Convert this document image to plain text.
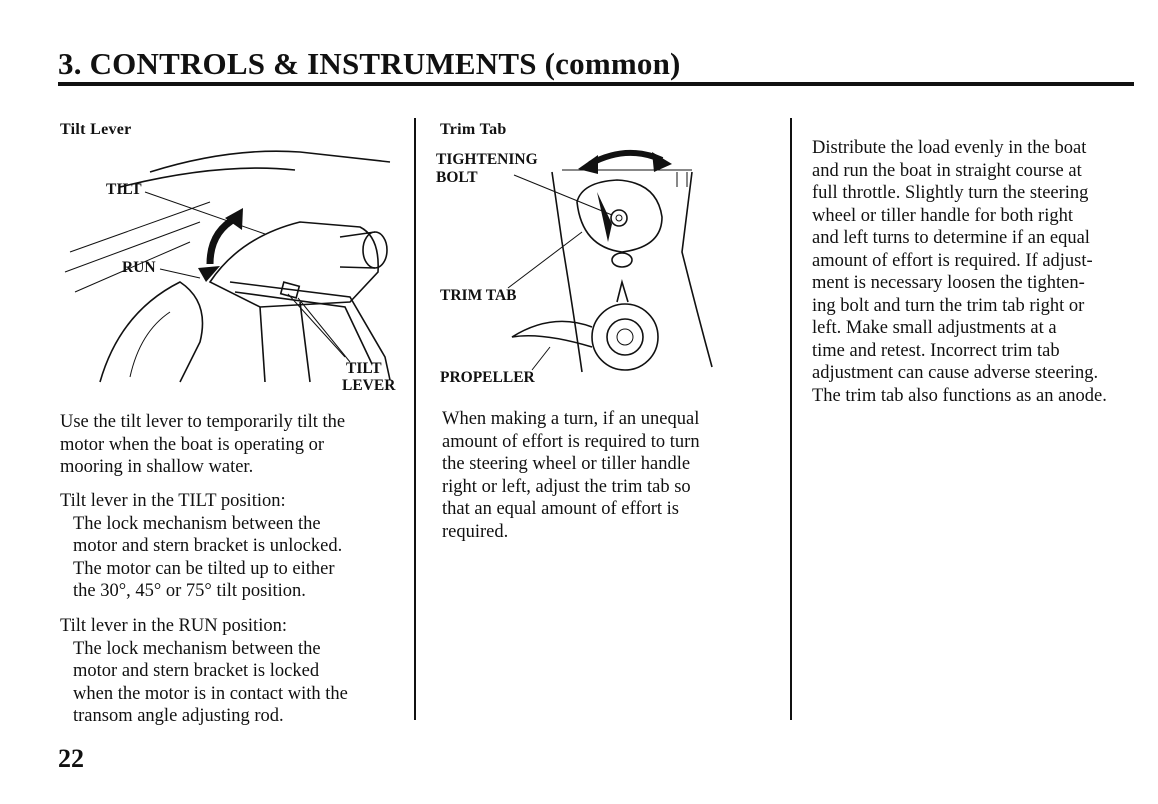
3. CONTROLS & INSTRUMENTS (common)
Tilt Lever
TILT
RUN
TILT
LEVER
Use the tilt lever to temporarily tilt the
motor when the boat is operating or
mooring in shallow water.
Tilt lever in the TILT position:
The lock mechanism between the
motor and stern bracket is unlocked.
The motor can be tilted up to either
the 30°, 45° or 75° tilt position.
Tilt lever in the RUN position:
The lock mechanism between the
motor and stern bracket is locked
when the motor is in contact with the
transom angle adjusting rod.
Trim Tab
TIGHTENING
BOLT
TRIM TAB
PROPELLER
When making a turn, if an unequal
amount of effort is required to turn
the steering wheel or tiller handle
right or left, adjust the trim tab so
that an equal amount of effort is
required.
Distribute the load evenly in the boat
and run the boat in straight course at
full throttle. Slightly turn the steering
wheel or tiller handle for both right
and left turns to determine if an equal
amount of effort is required. If adjust-
ment is necessary loosen the tighten-
ing bolt and turn the trim tab right or
left. Make small adjustments at a
time and retest. Incorrect trim tab
adjustment can cause adverse steering.
The trim tab also functions as an anode.
22
